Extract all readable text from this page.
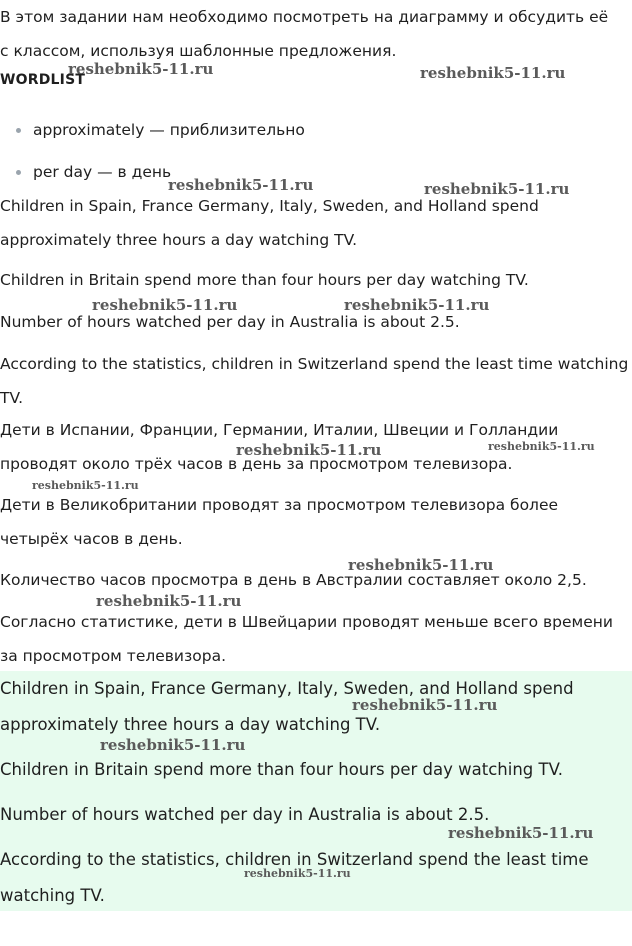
В этом задании нам необходимо посмотреть на диаграмму и обсудить её с классом, используя шаблонные предложения.

WORDLIST
approximately — приблизительно
per day — в день

Children in Spain, France Germany, Italy, Sweden, and Holland spend approximately three hours a day watching TV.

Children in Britain spend more than four hours per day watching TV.

Number of hours watched per day in Australia is about 2.5.

According to the statistics, children in Switzerland spend the least time watching TV.

Дети в Испании, Франции, Германии, Италии, Швеции и Голландии проводят около трёх часов в день за просмотром телевизора.

Дети в Великобритании проводят за просмотром телевизора более четырёх часов в день.

Количество часов просмотра в день в Австралии составляет около 2,5.

Согласно статистике, дети в Швейцарии проводят меньше всего времени за просмотром телевизора.

Children in Spain, France Germany, Italy, Sweden, and Holland spend approximately three hours a day watching TV.

Children in Britain spend more than four hours per day watching TV.

Number of hours watched per day in Australia is about 2.5.

According to the statistics, children in Switzerland spend the least time watching TV.

reshebnik5-11.ru	reshebnik5-11.ru
reshebnik5-11.ru	reshebnik5-11.ru
reshebnik5-11.ru	reshebnik5-11.ru
reshebnik5-11.ru	reshebnik5-11.ru
reshebnik5-11.ru
reshebnik5-11.ru
reshebnik5-11.ru
reshebnik5-11.ru
reshebnik5-11.ru
reshebnik5-11.ru
reshebnik5-11.ru
